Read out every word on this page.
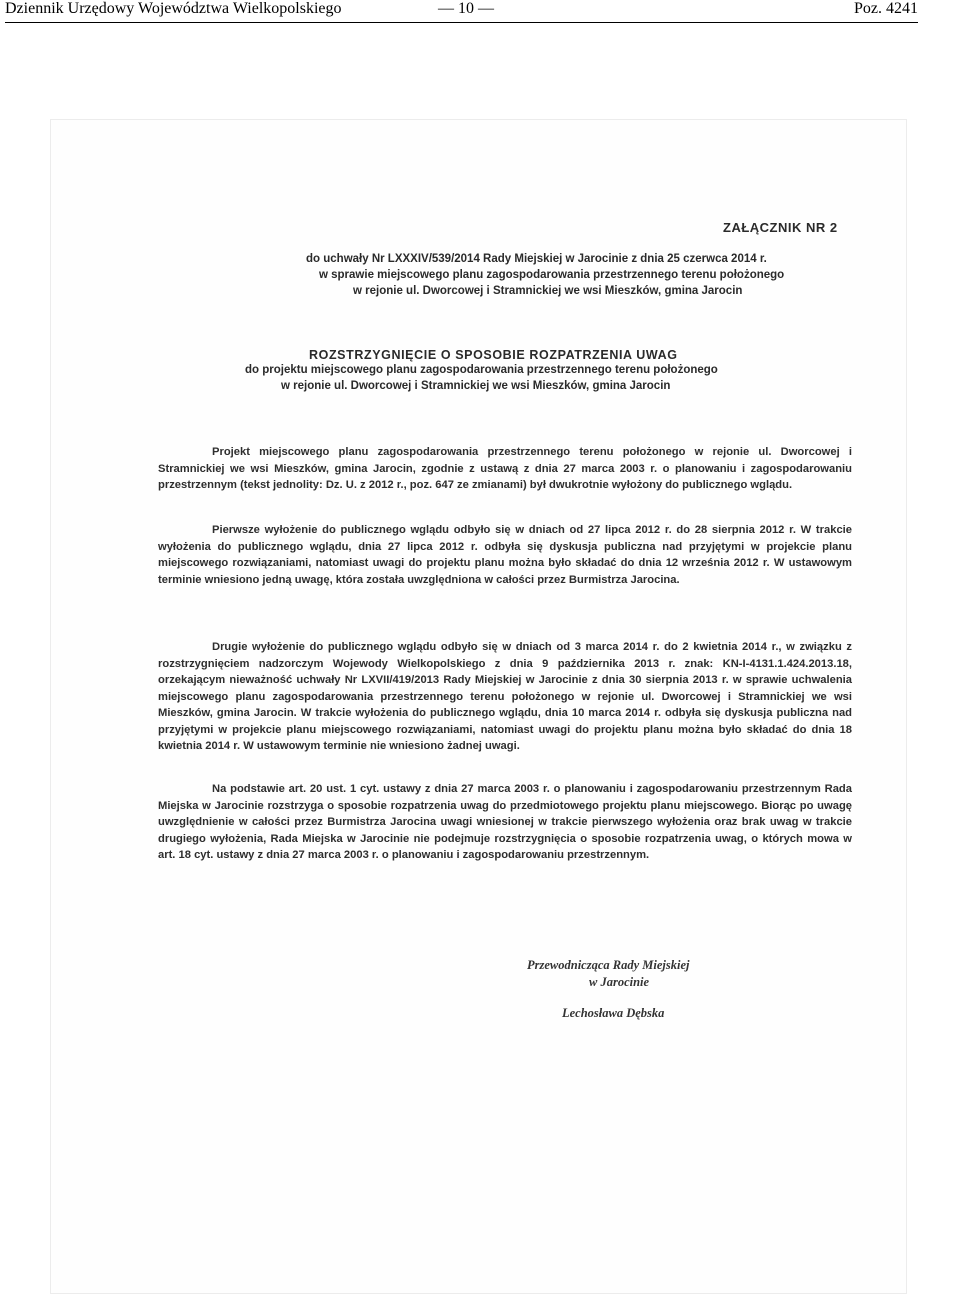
Dziennik Urzędowy Województwa Wielkopolskiego	— 10 —	Poz. 4241
ZAŁĄCZNIK NR 2
do uchwały Nr LXXXIV/539/2014 Rady Miejskiej w Jarocinie z dnia 25 czerwca 2014 r.
w sprawie miejscowego planu zagospodarowania przestrzennego terenu położonego
w rejonie ul. Dworcowej i Stramnickiej we wsi Mieszków, gmina Jarocin
ROZSTRZYGNIĘCIE O SPOSOBIE ROZPATRZENIA UWAG
do projektu miejscowego planu zagospodarowania przestrzennego terenu położonego
w rejonie ul. Dworcowej i Stramnickiej we wsi Mieszków, gmina Jarocin
Projekt miejscowego planu zagospodarowania przestrzennego terenu położonego w rejonie ul. Dworcowej i Stramnickiej we wsi Mieszków, gmina Jarocin, zgodnie z ustawą z dnia 27 marca 2003 r. o planowaniu i zagospodarowaniu przestrzennym (tekst jednolity: Dz. U. z 2012 r., poz. 647 ze zmianami) był dwukrotnie wyłożony do publicznego wglądu.
Pierwsze wyłożenie do publicznego wglądu odbyło się w dniach od 27 lipca 2012 r. do 28 sierpnia 2012 r. W trakcie wyłożenia do publicznego wglądu, dnia 27 lipca 2012 r. odbyła się dyskusja publiczna nad przyjętymi w projekcie planu miejscowego rozwiązaniami, natomiast uwagi do projektu planu można było składać do dnia 12 września 2012 r. W ustawowym terminie wniesiono jedną uwagę, która została uwzględniona w całości przez Burmistrza Jarocina.
Drugie wyłożenie do publicznego wglądu odbyło się w dniach od 3 marca 2014 r. do 2 kwietnia 2014 r., w związku z rozstrzygnięciem nadzorczym Wojewody Wielkopolskiego z dnia 9 października 2013 r. znak: KN-I-4131.1.424.2013.18, orzekającym nieważność uchwały Nr LXVII/419/2013 Rady Miejskiej w Jarocinie z dnia 30 sierpnia 2013 r. w sprawie uchwalenia miejscowego planu zagospodarowania przestrzennego terenu położonego w rejonie ul. Dworcowej i Stramnickiej we wsi Mieszków, gmina Jarocin. W trakcie wyłożenia do publicznego wglądu, dnia 10 marca 2014 r. odbyła się dyskusja publiczna nad przyjętymi w projekcie planu miejscowego rozwiązaniami, natomiast uwagi do projektu planu można było składać do dnia 18 kwietnia 2014 r. W ustawowym terminie nie wniesiono żadnej uwagi.
Na podstawie art. 20 ust. 1 cyt. ustawy z dnia 27 marca 2003 r. o planowaniu i zagospodarowaniu przestrzennym Rada Miejska w Jarocinie rozstrzyga o sposobie rozpatrzenia uwag do przedmiotowego projektu planu miejscowego. Biorąc po uwagę uwzględnienie w całości przez Burmistrza Jarocina uwagi wniesionej w trakcie pierwszego wyłożenia oraz brak uwag w trakcie drugiego wyłożenia, Rada Miejska w Jarocinie nie podejmuje rozstrzygnięcia o sposobie rozpatrzenia uwag, o których mowa w art. 18 cyt. ustawy z dnia 27 marca 2003 r. o planowaniu i zagospodarowaniu przestrzennym.
Przewodnicząca Rady Miejskiej
w Jarocinie
Lechosława Dębska
